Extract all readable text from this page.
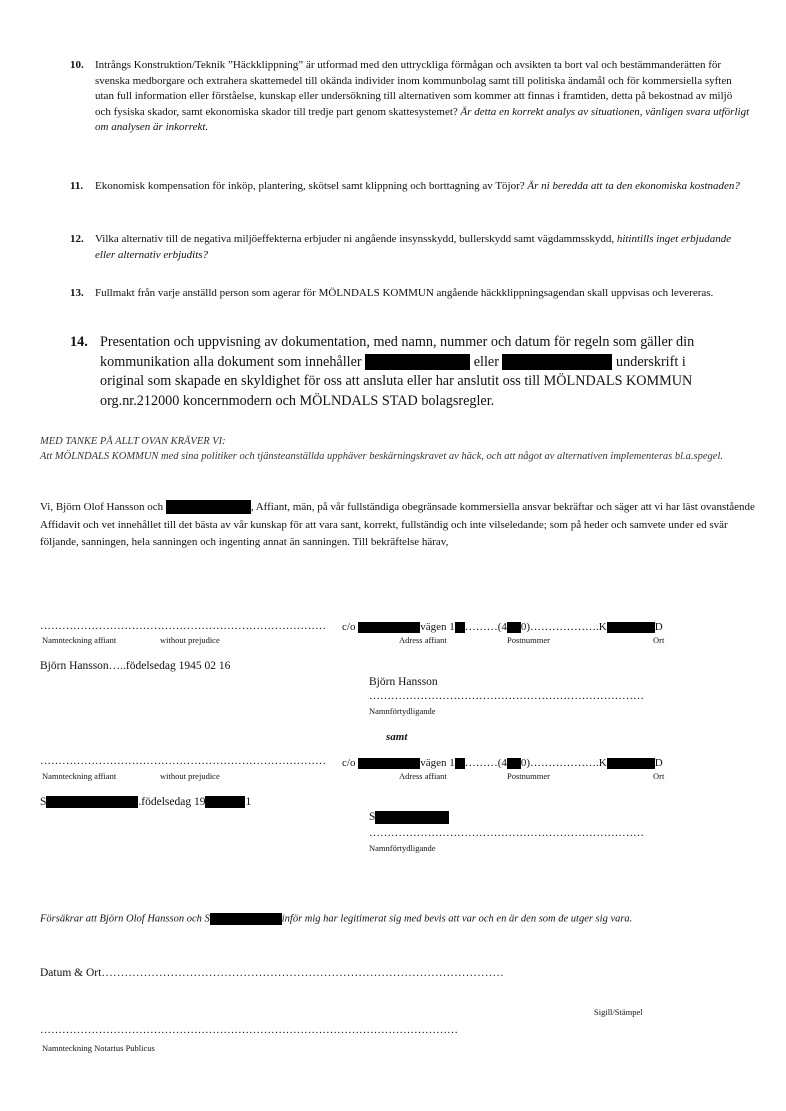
10. Intrångs Konstruktion/Teknik ”Häckklippning” är utformad med den uttryckliga förmågan och avsikten ta bort val och bestämmanderätten för svenska medborgare och extrahera skattemedel till okända individer inom kommunbolag samt till politiska ändamål och för kommersiella syften utan full information eller förståelse, kunskap eller undersökning till alternativen som kommer att finnas i framtiden, detta på bekostnad av miljö och fysiska skador, samt ekonomiska skador till tredje part genom skattesystemet? Är detta en korrekt analys av situationen, vänligen svara utförligt om analysen är inkorrekt.
11. Ekonomisk kompensation för inköp, plantering, skötsel samt klippning och borttagning av Töjor? Är ni beredda att ta den ekonomiska kostnaden?
12. Vilka alternativ till de negativa miljöeffekterna erbjuder ni angående insynsskydd, bullerskydd samt vägdammsskydd, hitintills inget erbjudande eller alternativ erbjudits?
13. Fullmakt från varje anställd person som agerar för MÖLNDALS KOMMUN angående häckklippningsagendan skall uppvisas och levereras.
14. Presentation och uppvisning av dokumentation, med namn, nummer och datum för regeln som gäller din kommunikation alla dokument som innehåller	eller	underskrift i original som skapade en skyldighet för oss att ansluta eller har anslutit oss till MÖLNDALS KOMMUN org.nr.212000 koncernmodern och MÖLNDALS STAD bolagsregler.
MED TANKE PÅ ALLT OVAN KRÄVER VI:
Att MÖLNDALS KOMMUN med sina politiker och tjänsteanställda upphäver beskärningskravet av häck, och att något av alternativen implementeras bl.a.spegel.
Vi, Björn Olof Hansson och	, Affiant, män, på vår fullständiga obegränsade kommersiella ansvar bekräftar och säger att vi har läst ovanstående Affidavit och vet innehållet till det bästa av vår kunskap för att vara sant, korrekt, fullständig och inte vilseledande; som på heder och samvete under ed svär följande, sanningen, hela sanningen och ingenting annat än sanningen. Till bekräftelse härav,
……………………………………………………………………
Namnteckning affiant	without prejudice
c/o	vägen 1 ………(4 0)……………….K	D
Adress affiant	Postnummer	Ort
Björn Hansson…..födelsedag 1945 02 16
Björn Hansson
…………………………………………………………………
Namnförtydligande
samt
……………………………………………………………………
Namnteckning affiant	without prejudice
c/o	vägen 1 ………(4 0)……………….K	D
Adress affiant	Postnummer	Ort
S	.födelsedag 19	1
S
…………………………………………………………………
Namnförtydligande
Försäkrar att Björn Olof Hansson och S	inför mig har legitimerat sig med bevis att var och en är den som de utger sig vara.
Datum & Ort……………………………………………………………………………………………
Sigill/Stämpel
……………………………………………………………………………………………………
Namnteckning Notarius Publicus
